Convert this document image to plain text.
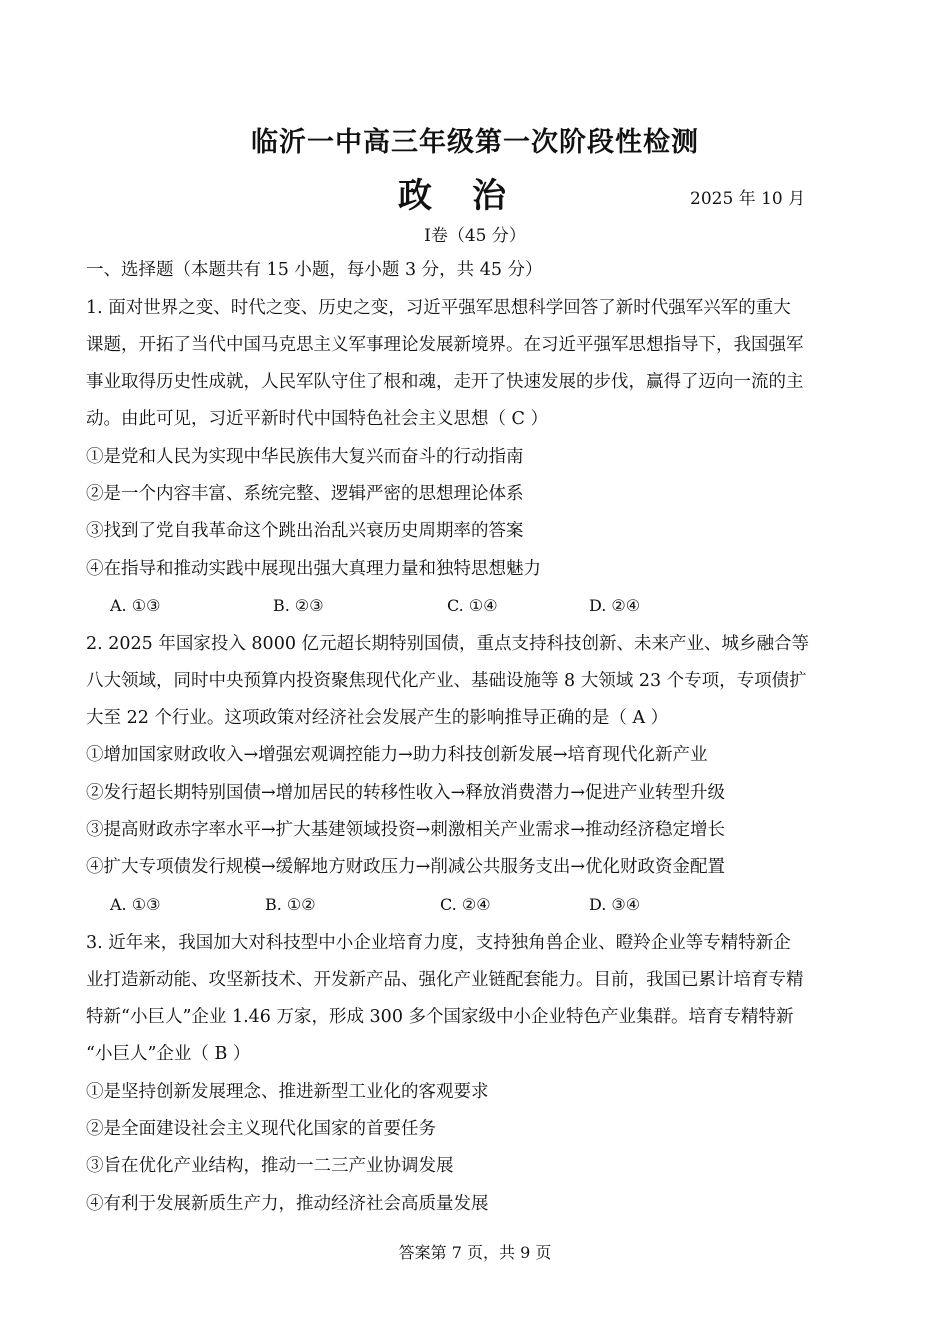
临沂一中高三年级第一次阶段性检测
政治	2025 年 10 月
Ⅰ卷（45 分）
一、选择题（本题共有 15 小题，每小题 3 分，共 45 分）
1. 面对世界之变、时代之变、历史之变，习近平强军思想科学回答了新时代强军兴军的重大
课题，开拓了当代中国马克思主义军事理论发展新境界。在习近平强军思想指导下，我国强军
事业取得历史性成就，人民军队守住了根和魂，走开了快速发展的步伐，赢得了迈向一流的主
动。由此可见，习近平新时代中国特色社会主义思想（ C ）
①是党和人民为实现中华民族伟大复兴而奋斗的行动指南
②是一个内容丰富、系统完整、逻辑严密的思想理论体系
③找到了党自我革命这个跳出治乱兴衰历史周期率的答案
④在指导和推动实践中展现出强大真理力量和独特思想魅力
A. ①③	B. ②③	C. ①④	D. ②④
2. 2025 年国家投入 8000 亿元超长期特别国债，重点支持科技创新、未来产业、城乡融合等
八大领域，同时中央预算内投资聚焦现代化产业、基础设施等 8 大领域 23 个专项，专项债扩
大至 22 个行业。这项政策对经济社会发展产生的影响推导正确的是（ A ）
①增加国家财政收入→增强宏观调控能力→助力科技创新发展→培育现代化新产业
②发行超长期特别国债→增加居民的转移性收入→释放消费潜力→促进产业转型升级
③提高财政赤字率水平→扩大基建领域投资→刺激相关产业需求→推动经济稳定增长
④扩大专项债发行规模→缓解地方财政压力→削减公共服务支出→优化财政资金配置
A. ①③	B. ①②	C. ②④	D. ③④
3. 近年来，我国加大对科技型中小企业培育力度，支持独角兽企业、瞪羚企业等专精特新企
业打造新动能、攻坚新技术、开发新产品、强化产业链配套能力。目前，我国已累计培育专精
特新“小巨人”企业 1.46 万家，形成 300 多个国家级中小企业特色产业集群。培育专精特新
“小巨人”企业（ B ）
①是坚持创新发展理念、推进新型工业化的客观要求
②是全面建设社会主义现代化国家的首要任务
③旨在优化产业结构，推动一二三产业协调发展
④有利于发展新质生产力，推动经济社会高质量发展
答案第 7 页，共 9 页
